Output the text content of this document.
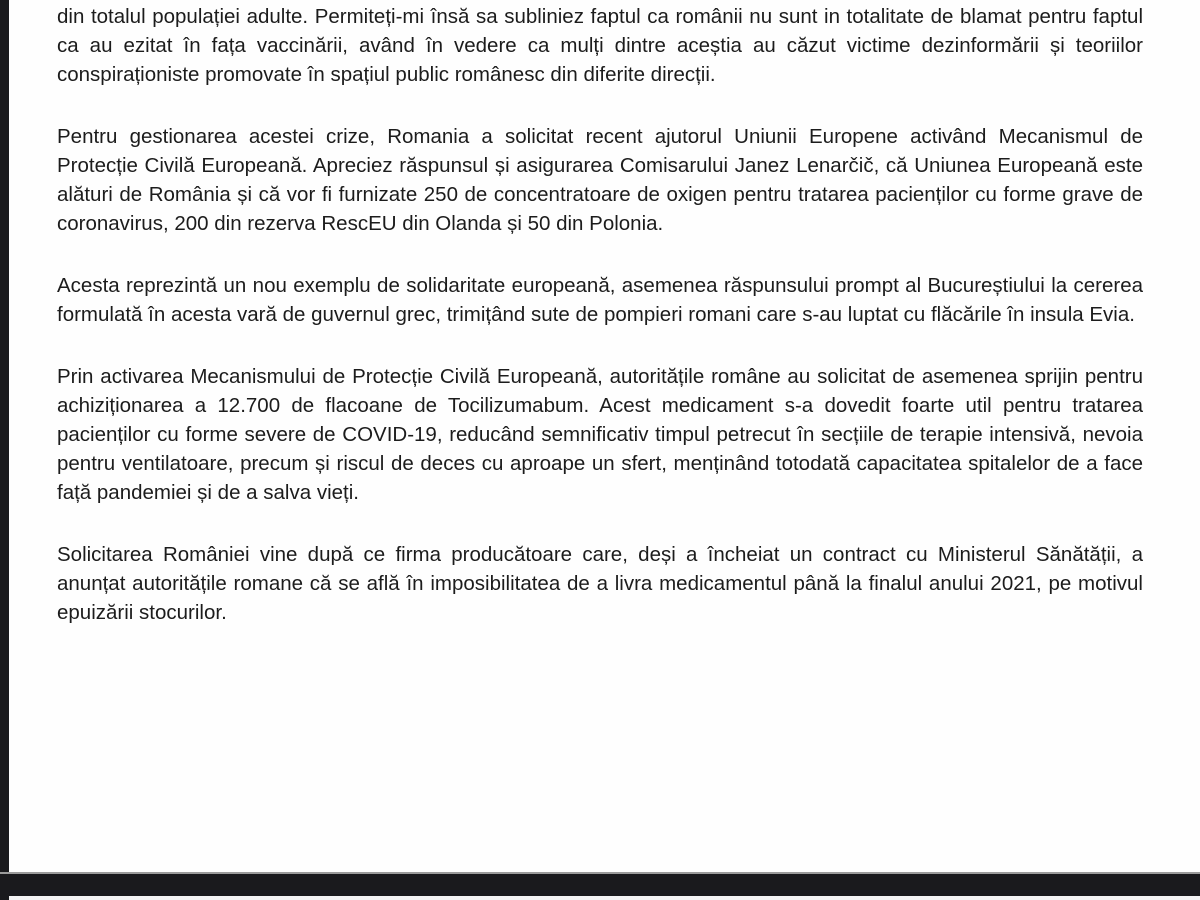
din totalul populației adulte. Permiteți-mi însă sa subliniez faptul ca românii nu sunt in totalitate de blamat pentru faptul ca au ezitat în fața vaccinării, având în vedere ca mulți dintre aceștia au căzut victime dezinformării și teoriilor conspiraționiste promovate în spațiul public românesc din diferite direcții.

Pentru gestionarea acestei crize, Romania a solicitat recent ajutorul Uniunii Europene activând Mecanismul de Protecție Civilă Europeană. Apreciez răspunsul și asigurarea Comisarului Janez Lenarčič, că Uniunea Europeană este alături de România și că vor fi furnizate 250 de concentratoare de oxigen pentru tratarea pacienților cu forme grave de coronavirus, 200 din rezerva RescEU din Olanda și 50 din Polonia.

Acesta reprezintă un nou exemplu de solidaritate europeană, asemenea răspunsului prompt al Bucureștiului la cererea formulată în acesta vară de guvernul grec, trimițând sute de pompieri romani care s-au luptat cu flăcările în insula Evia.

Prin activarea Mecanismului de Protecție Civilă Europeană, autoritățile române au solicitat de asemenea sprijin pentru achiziționarea a 12.700 de flacoane de Tocilizumabum. Acest medicament s-a dovedit foarte util pentru tratarea pacienților cu forme severe de COVID-19, reducând semnificativ timpul petrecut în secțiile de terapie intensivă, nevoia pentru ventilatoare, precum și riscul de deces cu aproape un sfert, menținând totodată capacitatea spitalelor de a face față pandemiei și de a salva vieți.

Solicitarea României vine după ce firma producătoare care, deși a încheiat un contract cu Ministerul Sănătății, a anunțat autoritățile romane că se află în imposibilitatea de a livra medicamentul până la finalul anului 2021, pe motivul epuizării stocurilor.
